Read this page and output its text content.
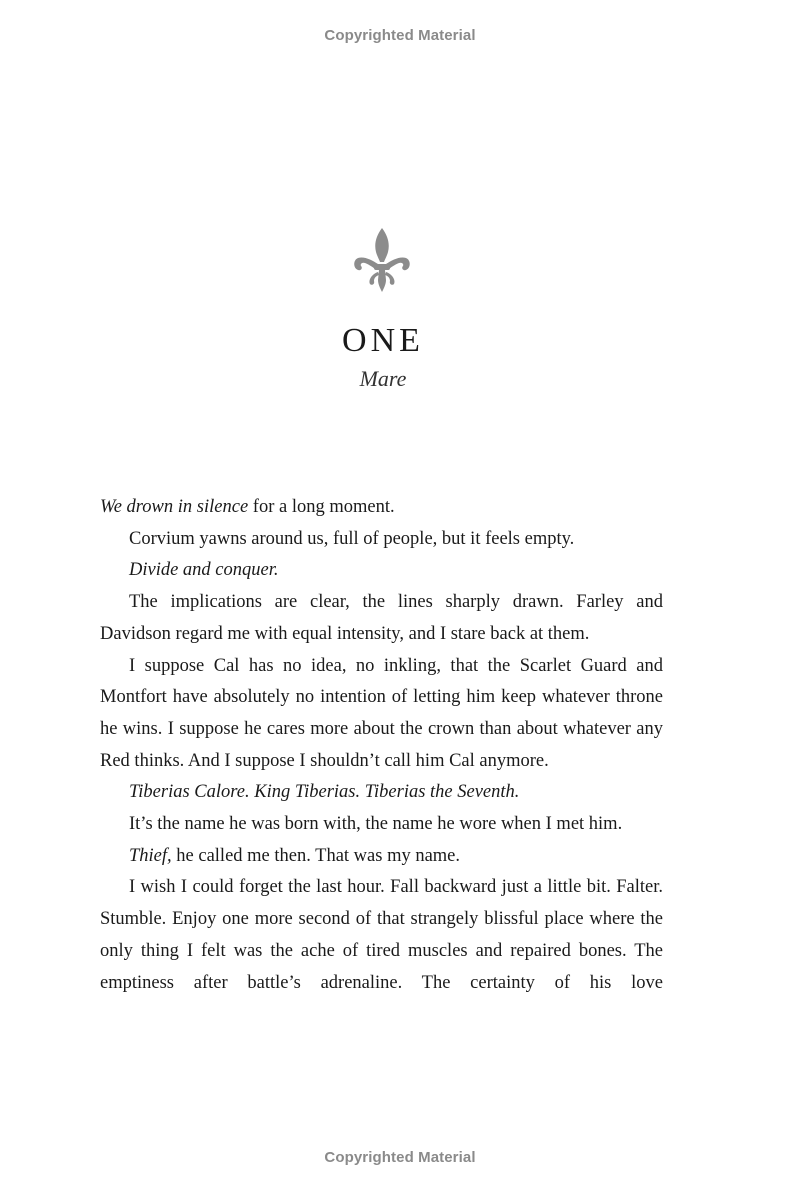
Copyrighted Material
ONE
Mare

We drown in silence for a long moment.

Corvium yawns around us, full of people, but it feels empty.

Divide and conquer.

The implications are clear, the lines sharply drawn. Farley and Davidson regard me with equal intensity, and I stare back at them.

I suppose Cal has no idea, no inkling, that the Scarlet Guard and Montfort have absolutely no intention of letting him keep whatever throne he wins. I suppose he cares more about the crown than about whatever any Red thinks. And I suppose I shouldn’t call him Cal anymore.

Tiberias Calore. King Tiberias. Tiberias the Seventh.

It’s the name he was born with, the name he wore when I met him.

Thief, he called me then. That was my name.

I wish I could forget the last hour. Fall backward just a little bit. Falter. Stumble. Enjoy one more second of that strangely blissful place where the only thing I felt was the ache of tired muscles and repaired bones. The emptiness after battle’s adrenaline. The certainty of his love

Copyrighted Material
